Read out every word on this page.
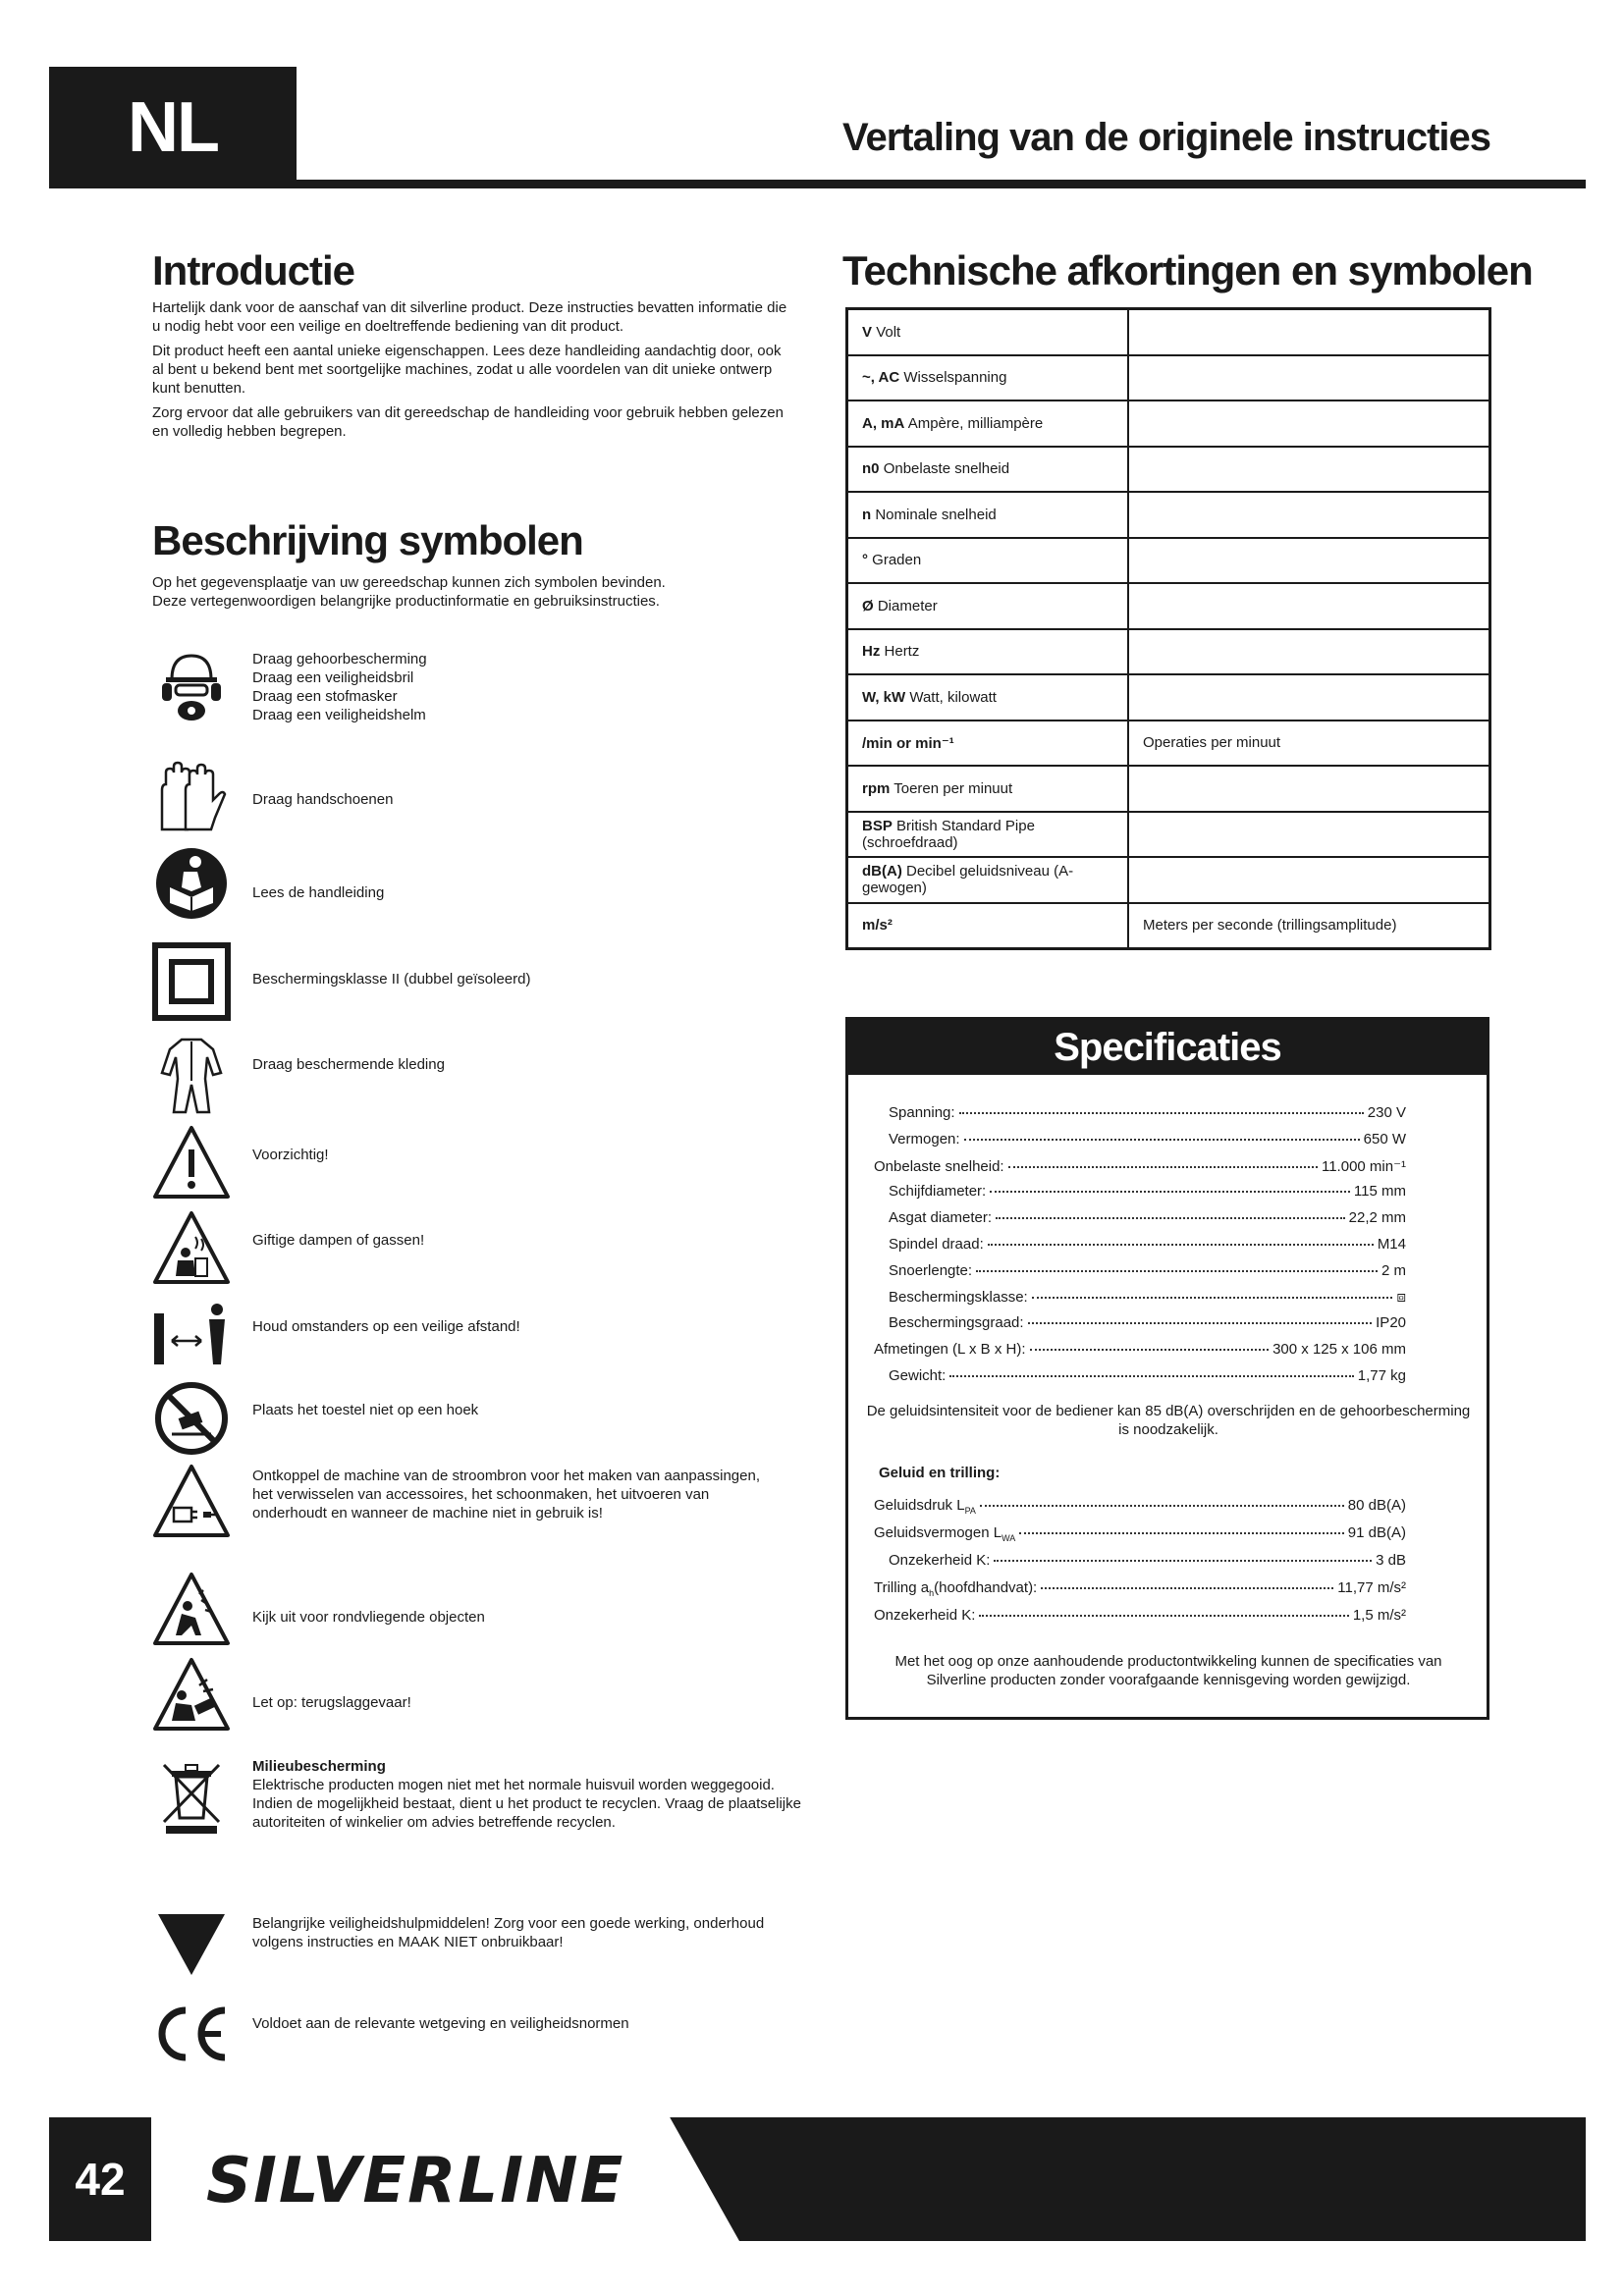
NL	Vertaling van de originele instructies
Introductie

Hartelijk dank voor de aanschaf van dit silverline product. Deze instructies bevatten informatie die u nodig hebt voor een veilige en doeltreffende bediening van dit product.

Dit product heeft een aantal unieke eigenschappen. Lees deze handleiding aandachtig door, ook al bent u bekend bent met soortgelijke machines, zodat u alle voordelen van dit unieke ontwerp kunt benutten.

Zorg ervoor dat alle gebruikers van dit gereedschap de handleiding voor gebruik hebben gelezen en volledig hebben begrepen.

Beschrijving symbolen

Op het gegevensplaatje van uw gereedschap kunnen zich symbolen bevinden. Deze vertegenwoordigen belangrijke productinformatie en gebruiksinstructies.

Draag gehoorbescherming
Draag een veiligheidsbril
Draag een stofmasker
Draag een veiligheidshelm
Draag handschoenen
Lees de handleiding
Beschermingsklasse II (dubbel geïsoleerd)
Draag beschermende kleding
Voorzichtig!
Giftige dampen of gassen!
Houd omstanders op een veilige afstand!
Plaats het toestel niet op een hoek
Ontkoppel de machine van de stroombron voor het maken van aanpassingen, het verwisselen van accessoires, het schoonmaken, het uitvoeren van onderhoudt en wanneer de machine niet in gebruik is!
Kijk uit voor rondvliegende objecten
Let op: terugslaggevaar!
Milieubescherming
Elektrische producten mogen niet met het normale huisvuil worden weggegooid. Indien de mogelijkheid bestaat, dient u het product te recyclen. Vraag de plaatselijke autoriteiten of winkelier om advies betreffende recyclen.
Belangrijke veiligheidshulpmiddelen! Zorg voor een goede werking, onderhoud volgens instructies en MAAK NIET onbruikbaar!
Voldoet aan de relevante wetgeving en veiligheidsnormen
Technische afkortingen en symbolen
V Volt	
~, AC Wisselspanning	
A, mA Ampère, milliampère	
n0 Onbelaste snelheid	
n Nominale snelheid	
° Graden	
Ø Diameter	
Hz Hertz	
W, kW Watt, kilowatt	
/min or min⁻¹	Operaties per minuut
rpm Toeren per minuut	
BSP British Standard Pipe (schroefdraad)	
dB(A) Decibel geluidsniveau (A-gewogen)	
m/s²	Meters per seconde (trillingsamplitude)
Specificaties
Spanning:	230 V
Vermogen:	650 W
Onbelaste snelheid:	11.000 min⁻¹
Schijfdiameter:	115 mm
Asgat diameter:	22,2 mm
Spindel draad:	M14
Snoerlengte:	2 m
Beschermingsklasse:	⧈
Beschermingsgraad:	IP20
Afmetingen (L x B x H):	300 x 125 x 106 mm
Gewicht:	1,77 kg
De geluidsintensiteit voor de bediener kan 85 dB(A) overschrijden en de gehoorbescherming is noodzakelijk.
Geluid en trilling:
Geluidsdruk $L_{PA}$	80 dB(A)
Geluidsvermogen $L_{WA}$	91 dB(A)
Onzekerheid K:	3 dB
Trilling $a_h(hoofdhandvat)$:	11,77 m/s²
Onzekerheid K:	1,5 m/s²
Met het oog op onze aanhoudende productontwikkeling kunnen de specificaties van Silverline producten zonder voorafgaande kennisgeving worden gewijzigd.
42	SILVERLINE
